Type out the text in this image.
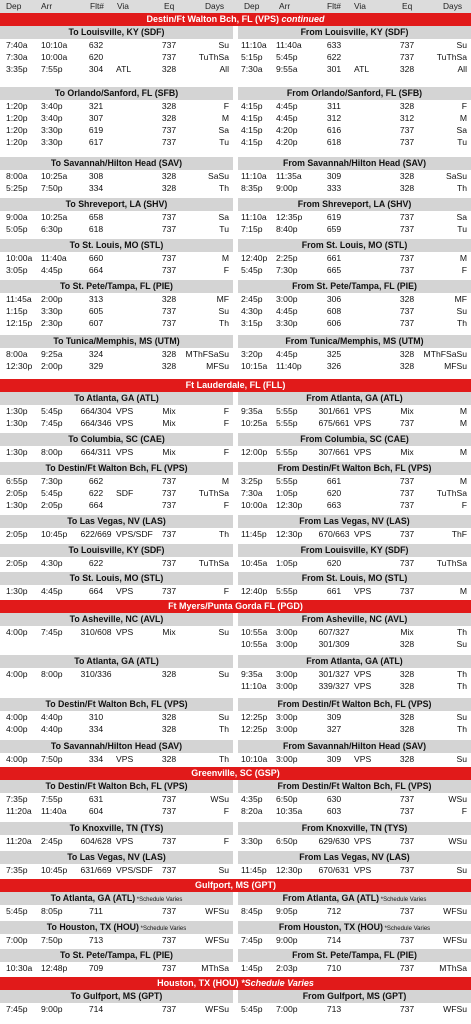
Dep Arr	Flt# Via	Eq	Days Dep Arr	Flt# Via	Eq	Days
Destin/Ft Walton Bch, FL (VPS) continued
Ft Lauderdale, FL (FLL)
Ft Myers/Punta Gorda FL (PGD)
Greenville, SC (GSP)
Gulfport, MS (GPT)
Houston, TX (HOU) *Schedule Varies
To Louisville, KY (SDF)
7:40a 10:10a	632	737	Su
7:30a 10:00a	620	737	TuThSa
3:35p 7:55p	304 ATL	328	All
From Louisville, KY (SDF)
11:10a 11:40a	633	737	Su
5:15p 5:45p	622	737	TuThSa
7:30a 9:55a	301 ATL	328	All
To Orlando/Sanford, FL (SFB)
1:20p 3:40p	321	328	F
1:20p 3:40p	307	328	M
1:20p 3:30p	619	737	Sa
1:20p 3:30p	617	737	Tu
From Orlando/Sanford, FL (SFB)
4:15p 4:45p	311	328	F
4:15p 4:45p	312	312	M
4:15p 4:20p	616	737	Sa
4:15p 4:20p	618	737	Tu
To Savannah/Hilton Head (SAV)
8:00a 10:25a	308	328	SaSu
5:25p 7:50p	334	328	Th
From Savannah/Hilton Head (SAV)
11:10a 11:35a	309	328	SaSu
8:35p 9:00p	333	328	Th
To Shreveport, LA (SHV)
9:00a 10:25a	658	737	Sa
5:05p 6:30p	618	737	Tu
From Shreveport, LA (SHV)
11:10a 12:35p	619	737	Sa
7:15p 8:40p	659	737	Tu
To St. Louis, MO (STL)
10:00a 11:40a	660	737	M
3:05p 4:45p	664	737	F
From St. Louis, MO (STL)
12:40p 2:25p	661	737	M
5:45p 7:30p	665	737	F
To St. Pete/Tampa, FL (PIE)
11:45a 2:00p	313	328	MF
1:15p 3:30p	605	737	Su
12:15p 2:30p	607	737	Th
From St. Pete/Tampa, FL (PIE)
2:45p 3:00p	306	328	MF
4:30p 4:45p	608	737	Su
3:15p 3:30p	606	737	Th
To Tunica/Memphis, MS (UTM)
8:00a 9:25a	324	328 MThFSaSu
12:30p 2:00p	329	328	MFSu
From Tunica/Memphis, MS (UTM)
3:20p 4:45p	325	328 MThFSaSu
10:15a 11:40p	326	328	MFSu
To Atlanta, GA (ATL)
1:30p 5:45p 664/304 VPS	Mix	F
1:30p 7:45p 664/346 VPS	Mix	F
From Atlanta, GA (ATL)
9:35a 5:55p 301/661 VPS	Mix	M
10:25a 5:55p 675/661 VPS	737	M
To Columbia, SC (CAE)
1:30p 8:00p 664/311 VPS	Mix	F
From Columbia, SC (CAE)
12:00p 5:55p 307/661 VPS	Mix	M
To Destin/Ft Walton Bch, FL (VPS)
6:55p 7:30p	662	737	M
2:05p 5:45p	622 SDF	737	TuThSa
1:30p 2:05p	664	737	F
From Destin/Ft Walton Bch, FL (VPS)
3:25p 5:55p	661	737	M
7:30a 1:05p	620	737	TuThSa
10:00a 12:30p	663	737	F
To Las Vegas, NV (LAS)
2:05p 10:45p 622/669 VPS/SDF 737	Th
From Las Vegas, NV (LAS)
11:45p 12:30p 670/663 VPS	737	ThF
To Louisville, KY (SDF)
2:05p 4:30p	622	737	TuThSa
From Louisville, KY (SDF)
10:45a 1:05p	620	737	TuThSa
To St. Louis, MO (STL)
1:30p 4:45p	664 VPS	737	F
From St. Louis, MO (STL)
12:40p 5:55p	661 VPS	737	M
To Asheville, NC (AVL)
4:00p 7:45p 310/608 VPS	Mix	Su
From Asheville, NC (AVL)
10:55a 3:00p 607/327	Mix	Th
10:55a 3:00p 301/309	328	Su
To Atlanta, GA (ATL)
4:00p 8:00p 310/336	328	Su
From Atlanta, GA (ATL)
9:35a 3:00p 301/327 VPS	328	Th
11:10a 3:00p 339/327 VPS	328	Th
To Destin/Ft Walton Bch, FL (VPS)
4:00p 4:40p	310	328	Su
4:00p 4:40p	334	328	Th
From Destin/Ft Walton Bch, FL (VPS)
12:25p 3:00p	309	328	Su
12:25p 3:00p	327	328	Th
To Savannah/Hilton Head (SAV)
4:00p 7:50p	334 VPS	328	Th
From Savannah/Hilton Head (SAV)
10:10a 3:00p	309 VPS	328	Su
To Destin/Ft Walton Bch, FL (VPS)
7:35p 7:55p	631	737	WSu
11:20a 11:40a	604	737	F
From Destin/Ft Walton Bch, FL (VPS)
4:35p 6:50p	630	737	WSu
8:20a 10:35a	603	737	F
To Knoxville, TN (TYS)
11:20a 2:45p 604/628 VPS	737	F
From Knoxville, TN (TYS)
3:30p 6:50p 629/630 VPS	737	WSu
To Las Vegas, NV (LAS)
7:35p 10:45p 631/669 VPS/SDF 737	Su
From Las Vegas, NV (LAS)
11:45p 12:30p 670/631 VPS	737	Su
To Atlanta, GA (ATL) *Schedule Varies
5:45p 8:05p	711	737	WFSu
From Atlanta, GA (ATL) *Schedule Varies
8:45p 9:05p	712	737	WFSu
To Houston, TX (HOU) *Schedule Varies
7:00p 7:50p	713	737	WFSu
From Houston, TX (HOU) *Schedule Varies
7:45p 9:00p	714	737	WFSu
To St. Pete/Tampa, FL (PIE)
10:30a 12:48p	709	737	MThSa
From St. Pete/Tampa, FL (PIE)
1:45p 2:03p	710	737	MThSa
To Gulfport, MS (GPT)
7:45p 9:00p	714	737	WFSu
From Gulfport, MS (GPT)
5:45p 7:00p	713	737	WFSu
